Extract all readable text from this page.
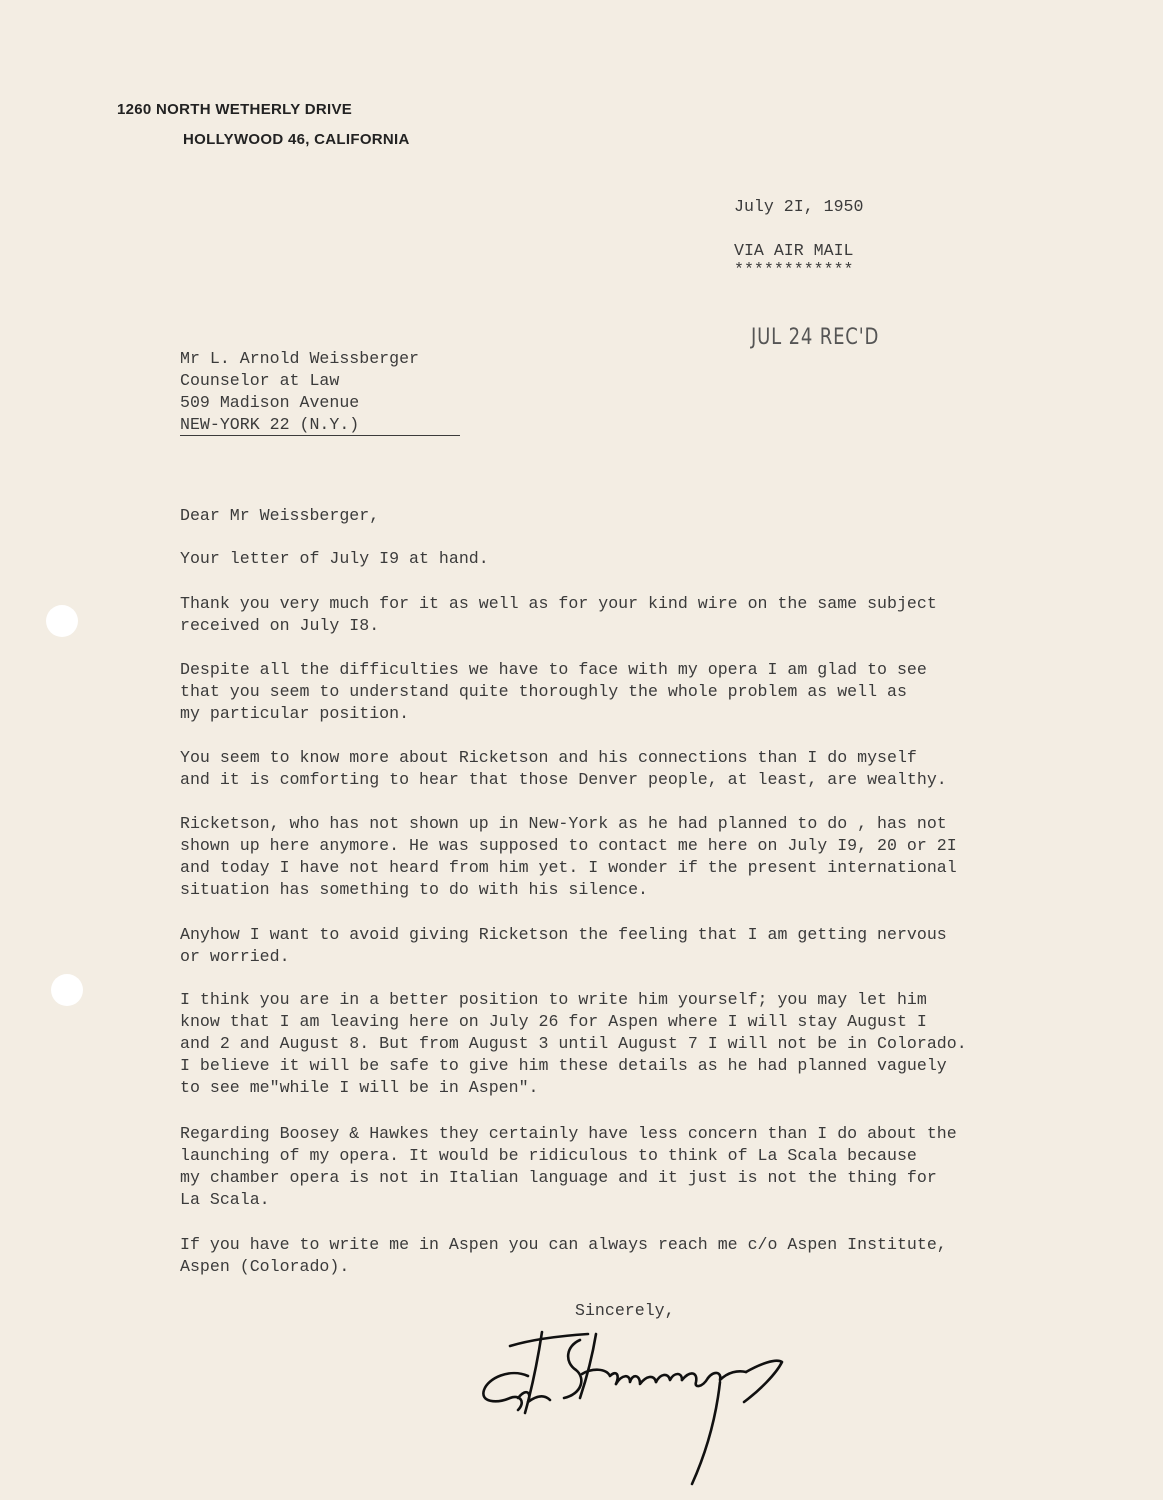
1260 NORTH WETHERLY DRIVE
HOLLYWOOD 46, CALIFORNIA
July 2I, 1950
VIA AIR MAIL
************
JUL 24 REC'D
Mr L. Arnold Weissberger
Counselor at Law
509 Madison Avenue
NEW-YORK 22 (N.Y.)
Dear Mr Weissberger,
Your letter of July I9 at hand.
Thank you very much for it as well as for your kind wire on the same subject
received on July I8.
Despite all the difficulties we have to face with my opera I am glad to see
that you seem to understand quite thoroughly the whole problem as well as
my particular position.
You seem to know more about Ricketson and his connections than I do myself
and it is comforting to hear that those Denver people, at least, are wealthy.
Ricketson, who has not shown up in New-York as he had planned to do , has not
shown up here anymore. He was supposed to contact me here on July I9, 20 or 2I
and today I have not heard from him yet. I wonder if the present international
situation has something to do with his silence.
Anyhow I want to avoid giving Ricketson the feeling that I am getting nervous
or worried.
I think you are in a better position to write him yourself; you may let him
know that I am leaving here on July 26 for Aspen where I will stay August I
and 2 and August 8. But from August 3 until August 7 I will not be in Colorado.
I believe it will be safe to give him these details as he had planned vaguely
to see me"while I will be in Aspen".
Regarding Boosey & Hawkes they certainly have less concern than I do about the
launching of my opera. It would be ridiculous to think of La Scala because
my chamber opera is not in Italian language and it just is not the thing for
La Scala.
If you have to write me in Aspen you can always reach me c/o Aspen Institute,
Aspen (Colorado).
Sincerely,
